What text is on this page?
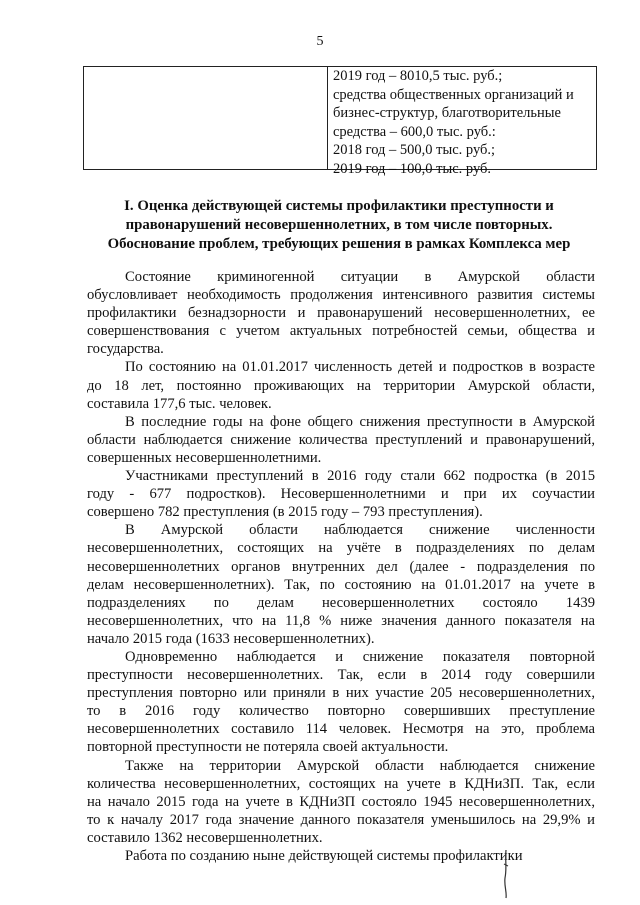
5
2019 год – 8010,5 тыс. руб.;
средства общественных организаций и
бизнес-структур, благотворительные
средства – 600,0 тыс. руб.:
2018 год – 500,0 тыс. руб.;
2019 год – 100,0 тыс. руб.
I. Оценка действующей системы профилактики преступности и
правонарушений несовершеннолетних, в том числе повторных.
Обоснование проблем, требующих решения в рамках Комплекса мер
Состояние криминогенной ситуации в Амурской области
обусловливает необходимость продолжения интенсивного развития системы
профилактики безнадзорности и правонарушений несовершеннолетних, ее
совершенствования с учетом актуальных потребностей семьи, общества и
государства.
По состоянию на 01.01.2017 численность детей и подростков в возрасте
до 18 лет, постоянно проживающих на территории Амурской области,
составила 177,6 тыс. человек.
В последние годы на фоне общего снижения преступности в Амурской
области наблюдается снижение количества преступлений и правонарушений,
совершенных несовершеннолетними.
Участниками преступлений в 2016 году стали 662 подростка (в 2015
году - 677 подростков). Несовершеннолетними и при их соучастии
совершено 782 преступления (в 2015 году – 793 преступления).
В Амурской области наблюдается снижение численности
несовершеннолетних, состоящих на учёте в подразделениях по делам
несовершеннолетних органов внутренних дел (далее - подразделения по
делам несовершеннолетних). Так, по состоянию на 01.01.2017 на учете в
подразделениях по делам несовершеннолетних состояло 1439
несовершеннолетних, что на 11,8 % ниже значения данного показателя на
начало 2015 года (1633 несовершеннолетних).
Одновременно наблюдается и снижение показателя повторной
преступности несовершеннолетних. Так, если в 2014 году совершили
преступления повторно или приняли в них участие 205 несовершеннолетних,
то в 2016 году количество повторно совершивших преступление
несовершеннолетних составило 114 человек. Несмотря на это, проблема
повторной преступности не потеряла своей актуальности.
Также на территории Амурской области наблюдается снижение
количества несовершеннолетних, состоящих на учете в КДНиЗП. Так, если
на начало 2015 года на учете в КДНиЗП состояло 1945 несовершеннолетних,
то к началу 2017 года значение данного показателя уменьшилось на 29,9% и
составило 1362 несовершеннолетних.
Работа по созданию ныне действующей системы профилактики
